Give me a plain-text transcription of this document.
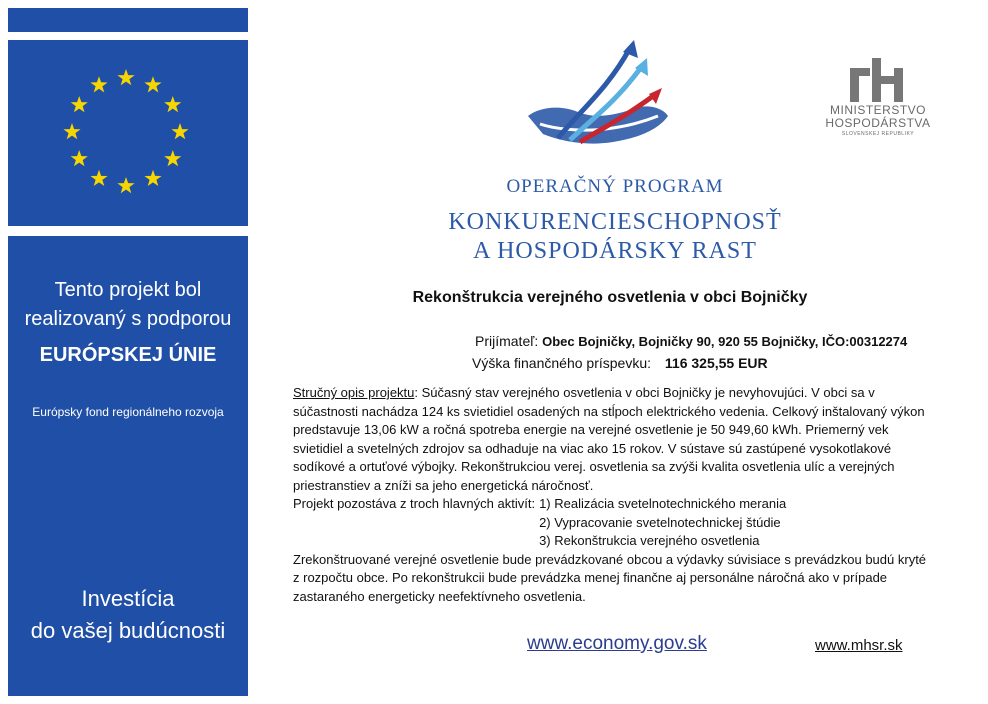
Tento projekt bol
realizovaný s podporou
EURÓPSKEJ ÚNIE
Európsky fond regionálneho rozvoja
Investícia
do vašej budúcnosti
OPERAČNÝ PROGRAM
KONKURENCIESCHOPNOSŤ
A HOSPODÁRSKY RAST
MINISTERSTVO
HOSPODÁRSTVA
SLOVENSKEJ REPUBLIKY
Rekonštrukcia verejného osvetlenia v obci Bojničky
Prijímateľ: Obec Bojničky, Bojničky 90, 920 55 Bojničky, IČO:00312274
Výška finančného príspevku: 116 325,55 EUR

Stručný opis projektu: Súčasný stav verejného osvetlenia v obci Bojničky je nevyhovujúci. V obci sa v súčastnosti nachádza 124 ks svietidiel osadených na stĺpoch elektrického vedenia. Celkový inštalovaný výkon predstavuje 13,06 kW a ročná spotreba energie na verejné osvetlenie je 50 949,60 kWh. Priemerný vek svietidiel a svetelných zdrojov sa odhaduje na viac ako 15 rokov. V sústave sú zastúpené vysokotlakové sodíkové a ortuťové výbojky. Rekonštrukciou verej. osvetlenia sa zvýši kvalita osvetlenia ulíc a verejných priestranstiev a zníži sa jeho energetická náročnosť.

Projekt pozostáva z troch hlavných aktivít: 1) Realizácia svetelnotechnického merania
2) Vypracovanie svetelnotechnickej štúdie
3) Rekonštrukcia verejného osvetlenia

Zrekonštruované verejné osvetlenie bude prevádzkované obcou a výdavky súvisiace s prevádzkou budú kryté z rozpočtu obce. Po rekonštrukcii bude prevádzka menej finančne aj personálne náročná ako v prípade zastaraného energeticky neefektívneho osvetlenia.

www.economy.gov.sk	www.mhsr.sk
